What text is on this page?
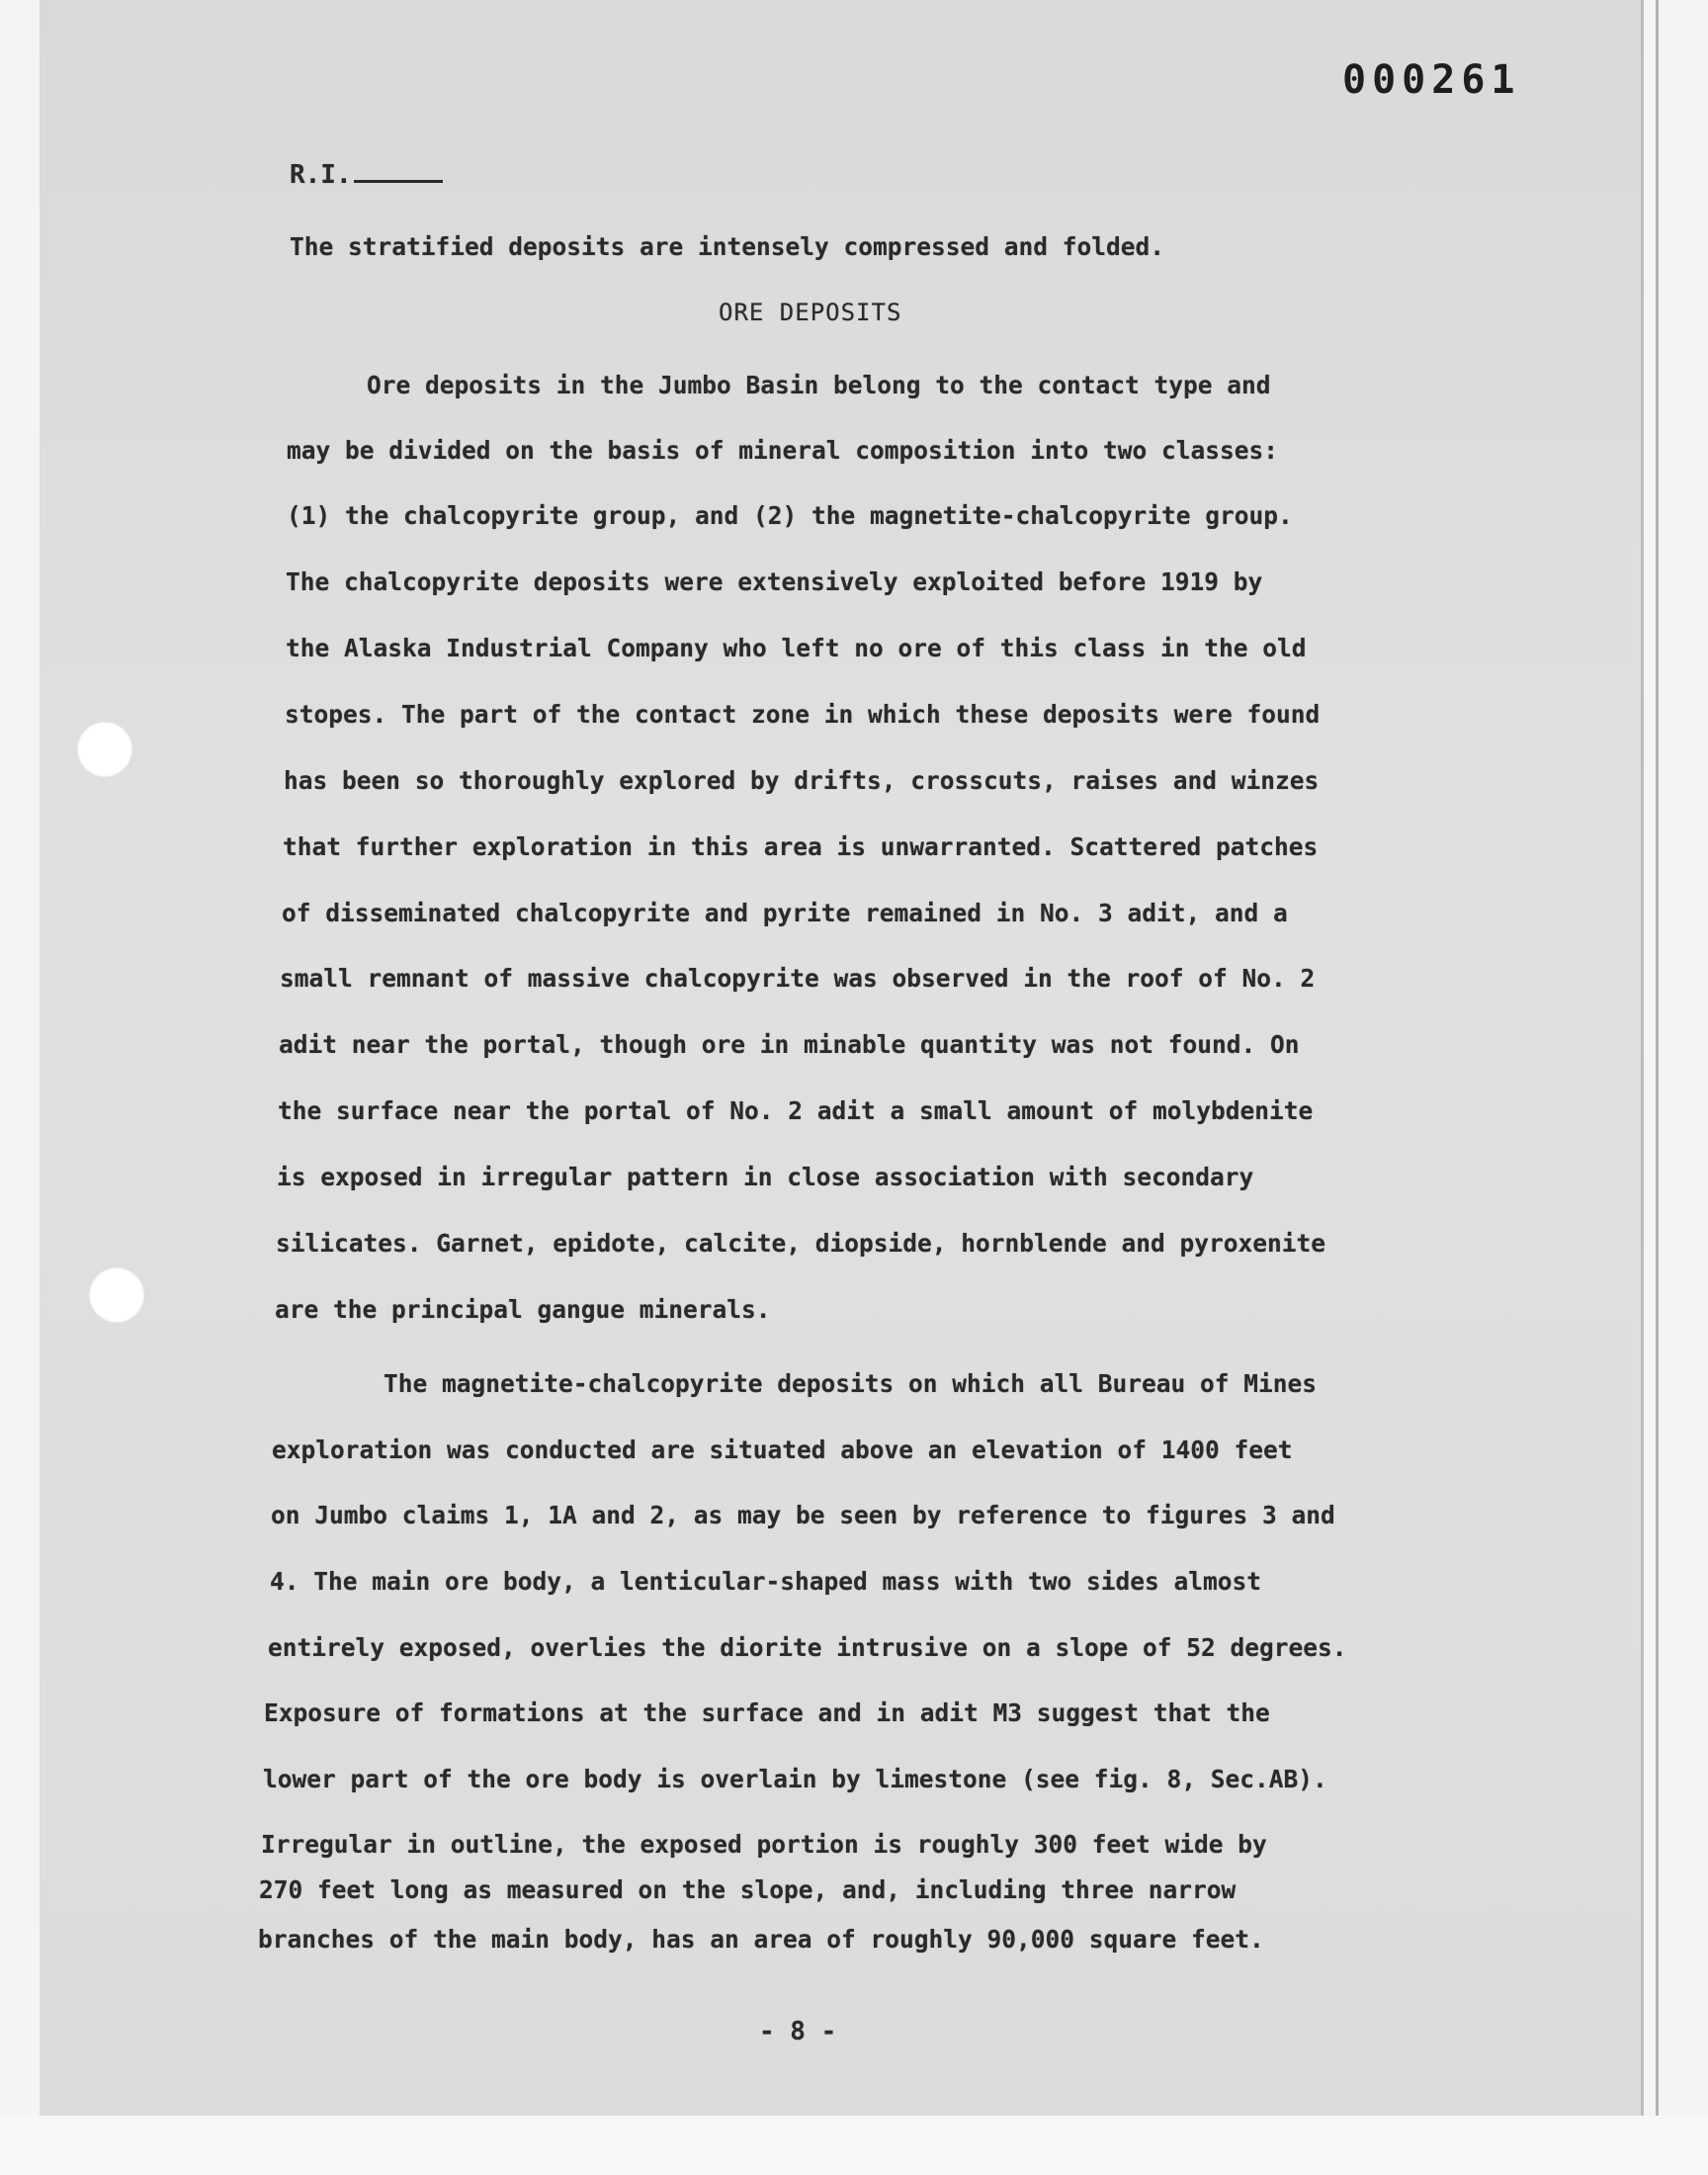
000261
R.I.
The stratified deposits are intensely compressed and folded.
ORE DEPOSITS
Ore deposits in the Jumbo Basin belong to the contact type and
may be divided on the basis of mineral composition into two classes:
(1) the chalcopyrite group, and (2) the magnetite-chalcopyrite group.
The chalcopyrite deposits were extensively exploited before 1919 by
the Alaska Industrial Company who left no ore of this class in the old
stopes. The part of the contact zone in which these deposits were found
has been so thoroughly explored by drifts, crosscuts, raises and winzes
that further exploration in this area is unwarranted. Scattered patches
of disseminated chalcopyrite and pyrite remained in No. 3 adit, and a
small remnant of massive chalcopyrite was observed in the roof of No. 2
adit near the portal, though ore in minable quantity was not found. On
the surface near the portal of No. 2 adit a small amount of molybdenite
is exposed in irregular pattern in close association with secondary
silicates. Garnet, epidote, calcite, diopside, hornblende and pyroxenite
are the principal gangue minerals.
The magnetite-chalcopyrite deposits on which all Bureau of Mines
exploration was conducted are situated above an elevation of 1400 feet
on Jumbo claims 1, 1A and 2, as may be seen by reference to figures 3 and
4. The main ore body, a lenticular-shaped mass with two sides almost
entirely exposed, overlies the diorite intrusive on a slope of 52 degrees.
Exposure of formations at the surface and in adit M3 suggest that the
lower part of the ore body is overlain by limestone (see fig. 8, Sec.AB).
Irregular in outline, the exposed portion is roughly 300 feet wide by
270 feet long as measured on the slope, and, including three narrow
branches of the main body, has an area of roughly 90,000 square feet.
- 8 -
